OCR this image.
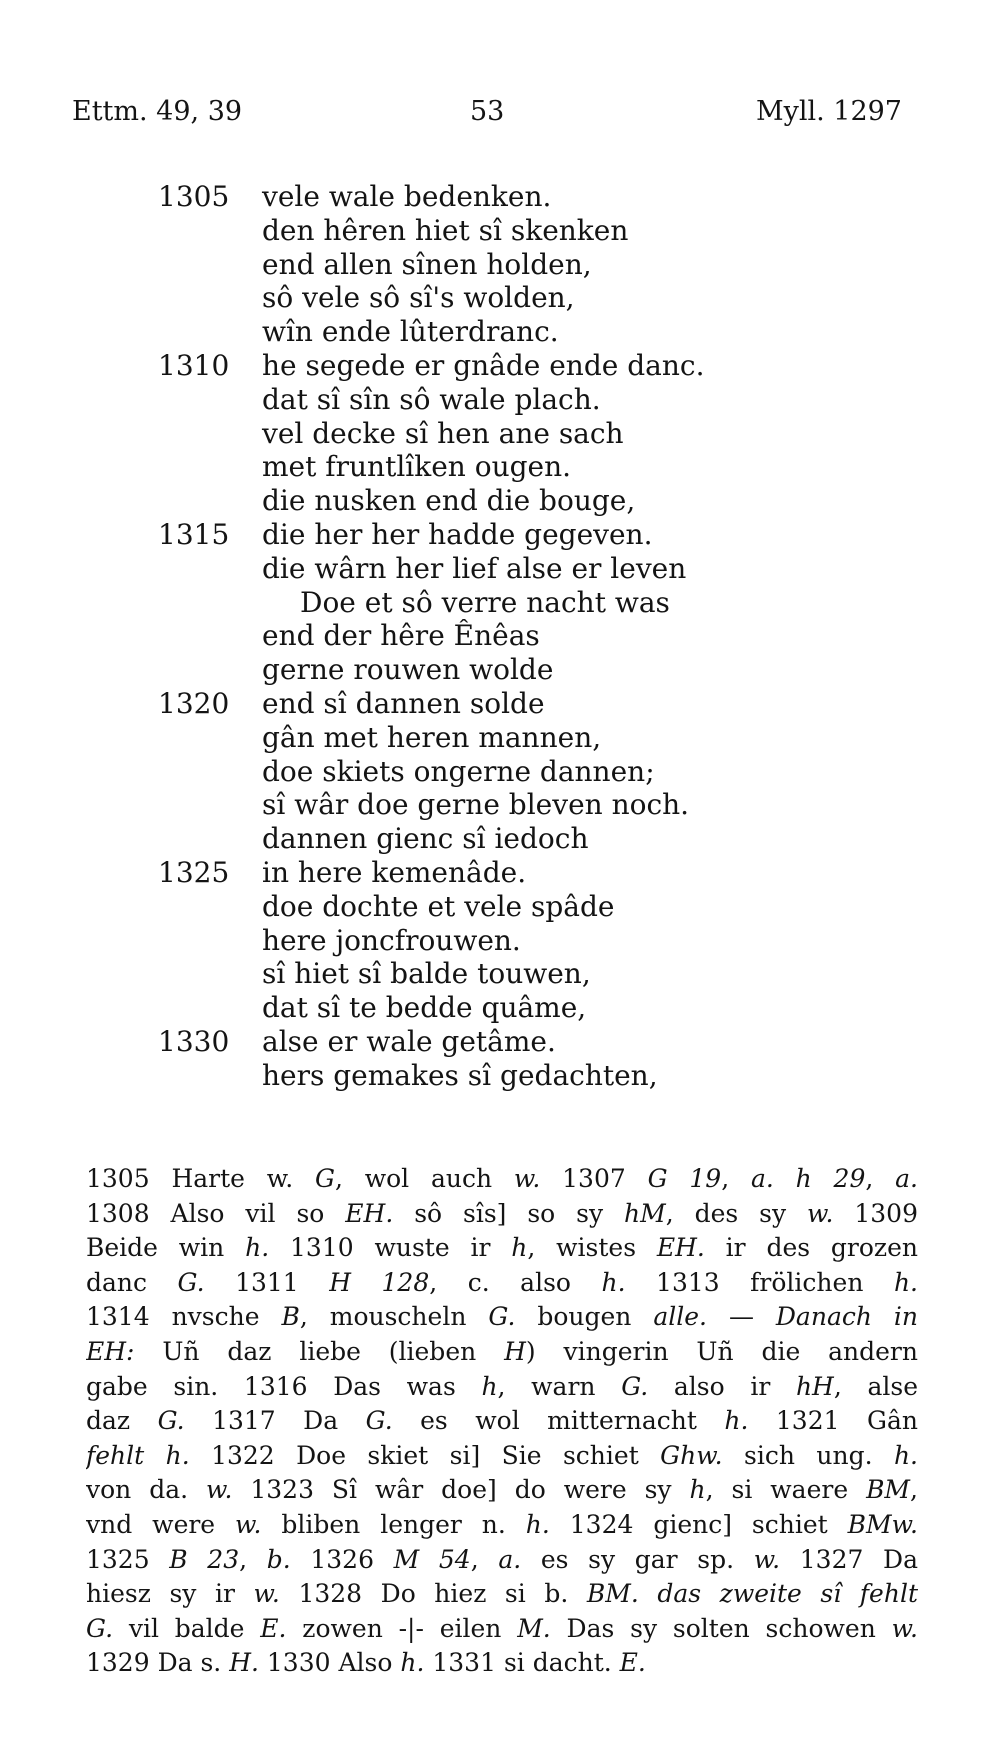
Ettm. 49, 39	53	Myll. 1297
1305 vele wale bedenken.
den hêren hiet sî skenken
end allen sînen holden,
sô vele sô sî's wolden,
wîn ende lûterdranc.
1310 he segede er gnâde ende danc.
dat sî sîn sô wale plach.
vel decke sî hen ane sach
met fruntlîken ougen.
die nusken end die bouge,
1315 die her her hadde gegeven.
die wârn her lief alse er leven
Doe et sô verre nacht was
end der hêre Ênêas
gerne rouwen wolde
1320 end sî dannen solde
gân met heren mannen,
doe skiets ongerne dannen;
sî wâr doe gerne bleven noch.
dannen gienc sî iedoch
1325 in here kemenâde.
doe dochte et vele spâde
here joncfrouwen.
sî hiet sî balde touwen,
dat sî te bedde quâme,
1330 alse er wale getâme.
hers gemakes sî gedachten,
1305 Harte w. G, wol auch w. 1307 G 19, a. h 29, a.
1308 Also vil so EH. sô sîs] so sy hM, des sy w. 1309
Beide win h. 1310 wuste ir h, wistes EH. ir des grozen
danc G. 1311 H 128, c. also h. 1313 frölichen h.
1314 nvsche B, mouscheln G. bougen alle. — Danach in
EH: Uñ daz liebe (lieben H) vingerin Uñ die andern
gabe sin. 1316 Das was h, warn G. also ir hH, alse
daz G. 1317 Da G. es wol mitternacht h. 1321 Gân
fehlt h. 1322 Doe skiet si] Sie schiet Ghw. sich ung. h.
von da. w. 1323 Sî wâr doe] do were sy h, si waere BM,
vnd were w. bliben lenger n. h. 1324 gienc] schiet BMw.
1325 B 23, b. 1326 M 54, a. es sy gar sp. w. 1327 Da
hiesz sy ir w. 1328 Do hiez si b. BM. das zweite sî fehlt
G. vil balde E. zowen -|- eilen M. Das sy solten schowen w.
1329 Da s. H. 1330 Also h. 1331 si dacht. E.
